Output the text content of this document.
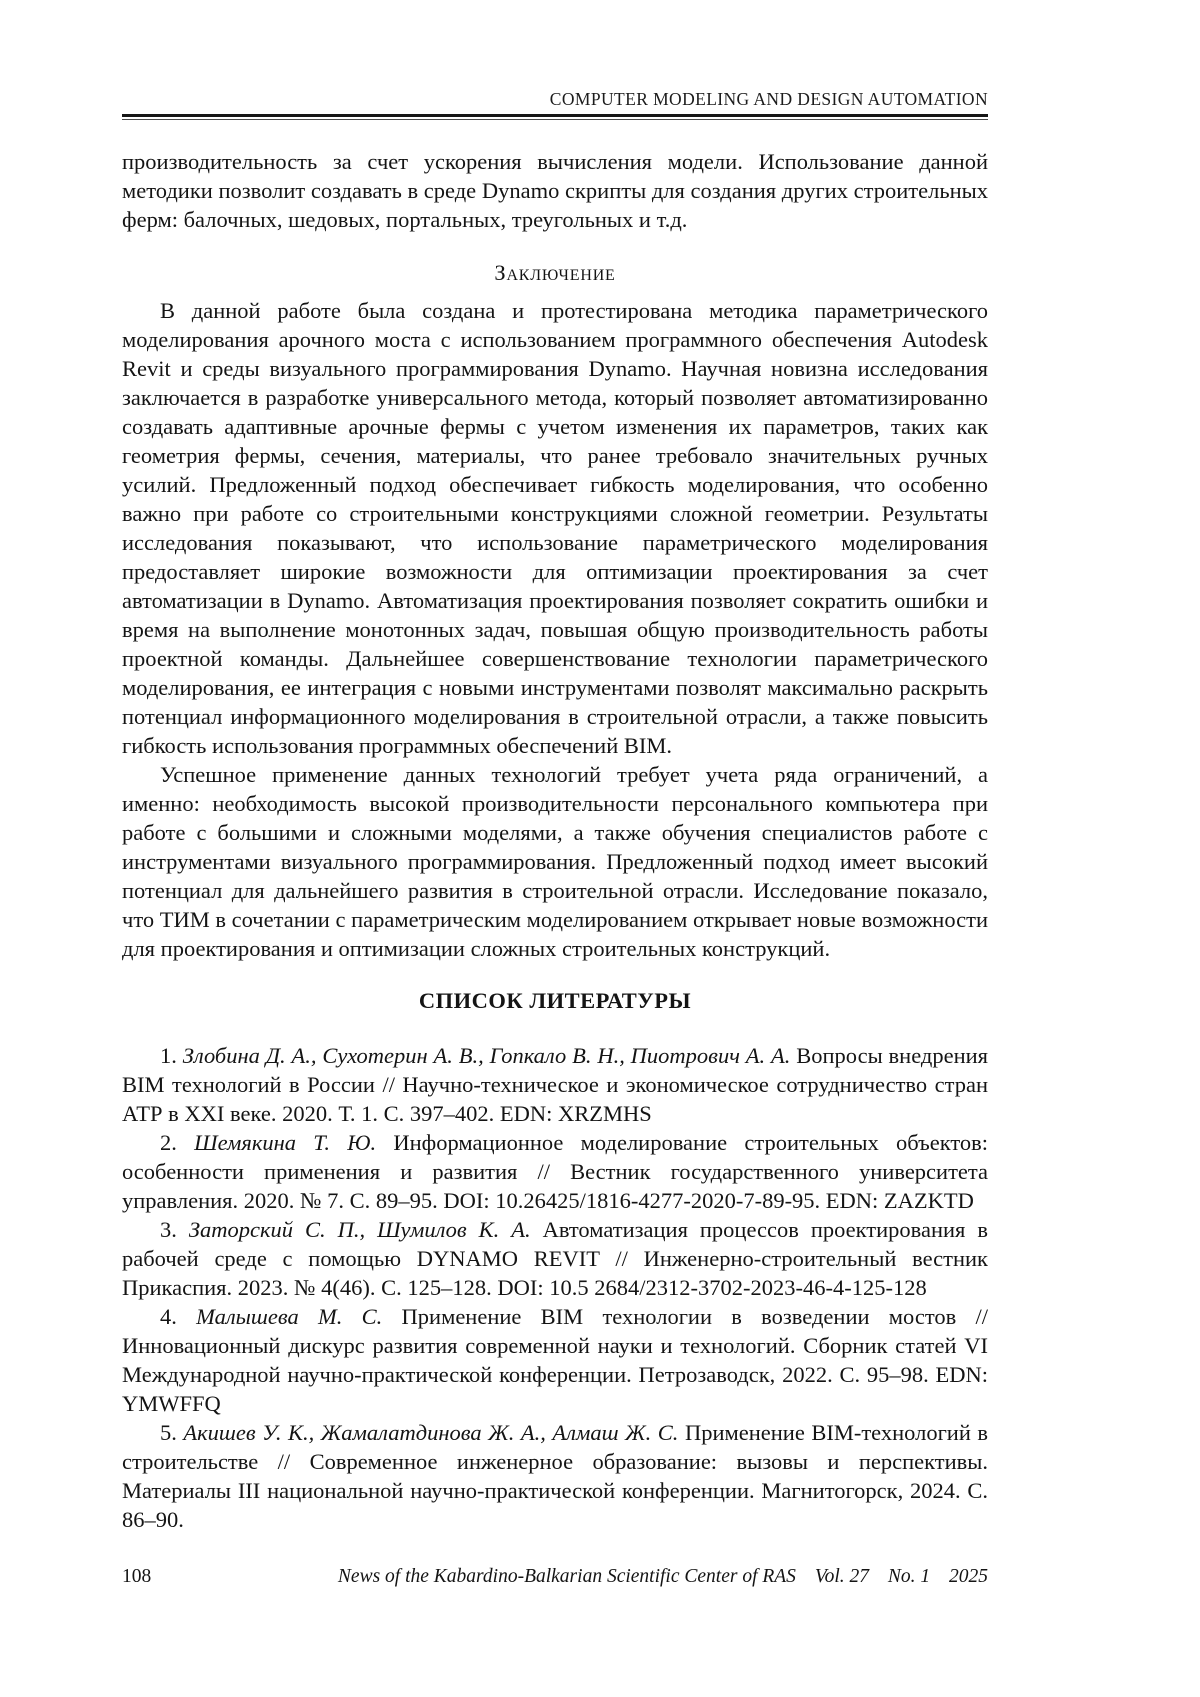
COMPUTER MODELING AND DESIGN AUTOMATION

производительность за счет ускорения вычисления модели. Использование данной методики позволит создавать в среде Dynamo скрипты для создания других строительных ферм: балочных, шедовых, портальных, треугольных и т.д.

Заключение

В данной работе была создана и протестирована методика параметрического моделирования арочного моста с использованием программного обеспечения Autodesk Revit и среды визуального программирования Dynamo. Научная новизна исследования заключается в разработке универсального метода, который позволяет автоматизированно создавать адаптивные арочные фермы с учетом изменения их параметров, таких как геометрия фермы, сечения, материалы, что ранее требовало значительных ручных усилий. Предложенный подход обеспечивает гибкость моделирования, что особенно важно при работе со строительными конструкциями сложной геометрии. Результаты исследования показывают, что использование параметрического моделирования предоставляет широкие возможности для оптимизации проектирования за счет автоматизации в Dynamo. Автоматизация проектирования позволяет сократить ошибки и время на выполнение монотонных задач, повышая общую производительность работы проектной команды. Дальнейшее совершенствование технологии параметрического моделирования, ее интеграция с новыми инструментами позволят максимально раскрыть потенциал информационного моделирования в строительной отрасли, а также повысить гибкость использования программных обеспечений BIM.

Успешное применение данных технологий требует учета ряда ограничений, а именно: необходимость высокой производительности персонального компьютера при работе с большими и сложными моделями, а также обучения специалистов работе с инструментами визуального программирования. Предложенный подход имеет высокий потенциал для дальнейшего развития в строительной отрасли. Исследование показало, что ТИМ в сочетании с параметрическим моделированием открывает новые возможности для проектирования и оптимизации сложных строительных конструкций.

СПИСОК ЛИТЕРАТУРЫ

1. Злобина Д. А., Сухотерин А. В., Гопкало В. Н., Пиотрович А. А. Вопросы внедрения BIM технологий в России // Научно-техническое и экономическое сотрудничество стран АТР в XXI веке. 2020. Т. 1. С. 397–402. EDN: XRZMHS

2. Шемякина Т. Ю. Информационное моделирование строительных объектов: особенности применения и развития // Вестник государственного университета управления. 2020. № 7. С. 89–95. DOI: 10.26425/1816-4277-2020-7-89-95. EDN: ZAZKTD

3. Заторский С. П., Шумилов К. А. Автоматизация процессов проектирования в рабочей среде с помощью DYNAMO REVIT // Инженерно-строительный вестник Прикаспия. 2023. № 4(46). С. 125–128. DOI: 10.5 2684/2312-3702-2023-46-4-125-128

4. Малышева М. С. Применение BIM технологии в возведении мостов // Инновационный дискурс развития современной науки и технологий. Сборник статей VI Международной научно-практической конференции. Петрозаводск, 2022. С. 95–98. EDN: YMWFFQ

5. Акишев У. К., Жамалатдинова Ж. А., Алмаш Ж. С. Применение BIM-технологий в строительстве // Современное инженерное образование: вызовы и перспективы. Материалы III национальной научно-практической конференции. Магнитогорск, 2024. С. 86–90.

108	News of the Kabardino-Balkarian Scientific Center of RAS Vol. 27 No. 1 2025
